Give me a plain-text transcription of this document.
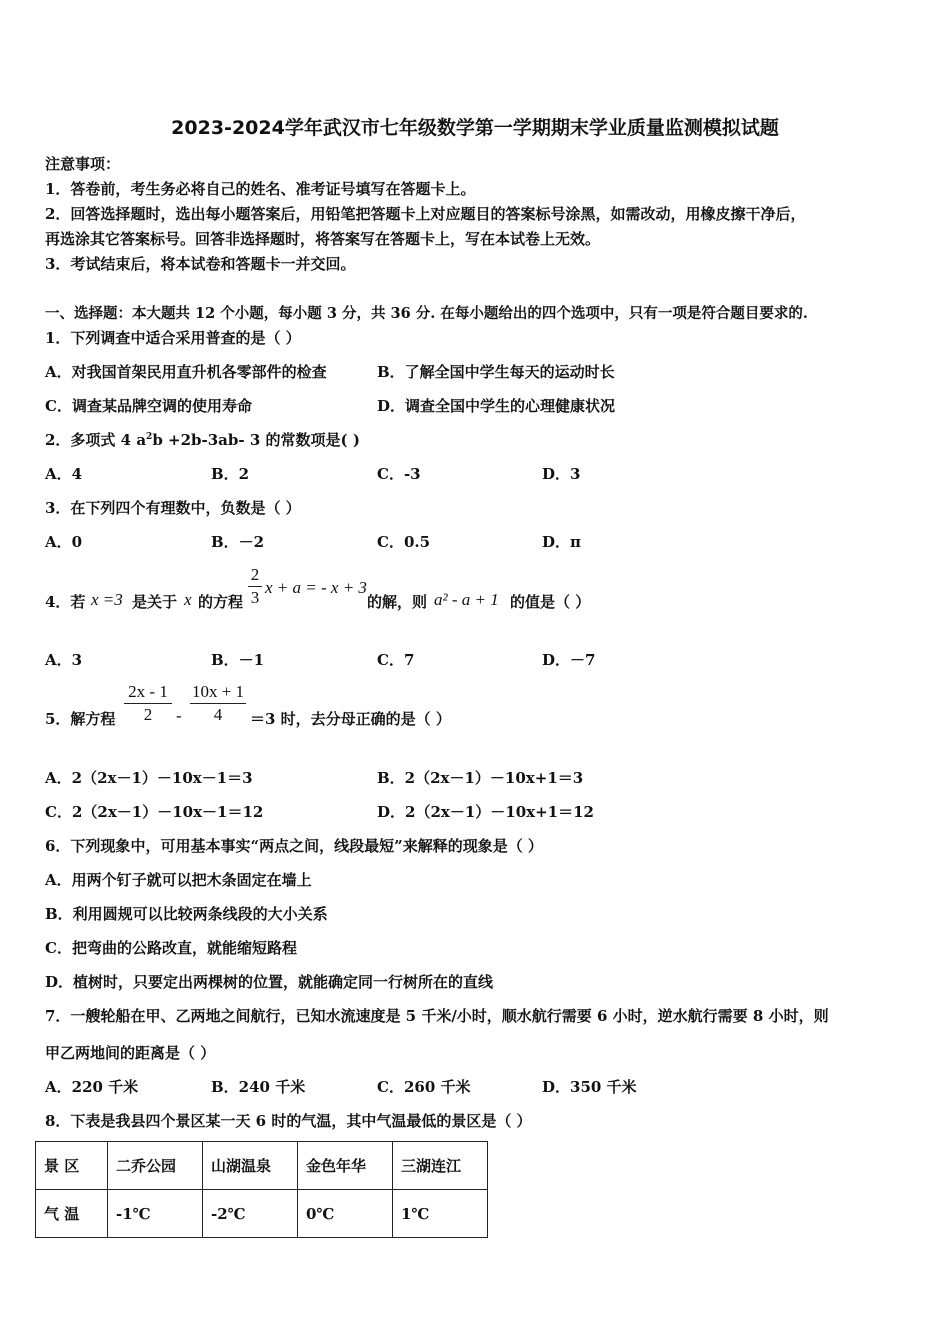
2023-2024学年武汉市七年级数学第一学期期末学业质量监测模拟试题
注意事项：
1．答卷前，考生务必将自己的姓名、准考证号填写在答题卡上。
2．回答选择题时，选出每小题答案后，用铅笔把答题卡上对应题目的答案标号涂黑，如需改动，用橡皮擦干净后，
再选涂其它答案标号。回答非选择题时，将答案写在答题卡上，写在本试卷上无效。
3．考试结束后，将本试卷和答题卡一并交回。
一、选择题：本大题共 12 个小题，每小题 3 分，共 36 分. 在每小题给出的四个选项中，只有一项是符合题目要求的.
1．下列调查中适合采用普查的是（ ）
A．对我国首架民用直升机各零部件的检查	B．了解全国中学生每天的运动时长
C．调查某品牌空调的使用寿命	D．调查全国中学生的心理健康状况
2．多项式 4 $a^2b +2b-3ab-$ 3 的常数项是( )
A．4	B．2	C．-3	D．3
3．在下列四个有理数中，负数是（ ）
A．0	B．－2	C．0.5	D．π
4．若 x =3 是关于 x 的方程
2
3
x + a = - x + 3
的解，则 a² - a + 1 的值是（ ）
A．3	B．－1	C．7	D．－7
5．解方程
2x - 1
2	-
10x + 1
4	＝3 时，去分母正确的是（ ）
A．2（2x－1）－10x－1＝3	B．2（2x－1）－10x+1＝3
C．2（2x－1）－10x－1＝12	D．2（2x－1）－10x+1＝12
6．下列现象中，可用基本事实“两点之间，线段最短”来解释的现象是（ ）
A．用两个钉子就可以把木条固定在墙上
B．利用圆规可以比较两条线段的大小关系
C．把弯曲的公路改直，就能缩短路程
D．植树时，只要定出两棵树的位置，就能确定同一行树所在的直线
7．一艘轮船在甲、乙两地之间航行，已知水流速度是 5 千米/小时，顺水航行需要 6 小时，逆水航行需要 8 小时，则
甲乙两地间的距离是（ ）
A．220 千米	B．240 千米	C．260 千米	D．350 千米
8．下表是我县四个景区某一天 6 时的气温，其中气温最低的景区是（ ）
景 区	二乔公园	山湖温泉	金色年华	三湖连江
气 温	-1℃	-2℃	0℃	1℃
